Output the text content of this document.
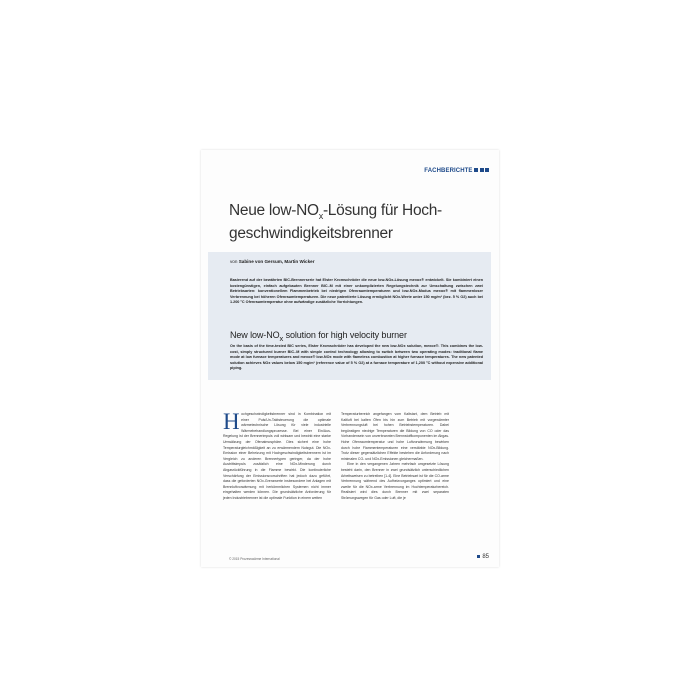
FACHBERICHTE
Neue low-$NO_x$-Lösung für Hoch-geschwindigkeitsbrenner
von Sabine von Gersum, Martin Wicker
Basierend auf der bewährten BIC-Brennerserie hat Elster Kromschröder die neue low-NOx-Lösung mexox® entwickelt. Sie kombiniert einen kostengünstigen, einfach aufgebauten Brenner BIC..M mit einer unkomplizierten Regelungstechnik zur Umschaltung zwischen zwei Betriebsarten: konventionellem Flammenbetrieb bei niedrigen Ofenraumtemperaturen und low-NOx-Modus mexox® mit flammenloser Verbrennung bei höheren Ofenraumtemperaturen. Die neue patentierte Lösung ermöglicht NOx-Werte unter 150 mg/m³ (bez. 5 % O2) auch bei 1.200 °C Ofenraumtemperatur ohne aufwändige zusätzliche Vorrichtungen.
New low-$NO_x$ solution for high velocity burner
On the basis of the time-tested BIC series, Elster Kromschröder has developed the new low-NOx solution, mexox®. This combines the low-cost, simply structured burner BIC..M with simple control technology allowing to switch between two operating modes: traditional flame mode at low furnace temperatures and mexox® low-NOx mode with flameless combustion at higher furnace temperatures. The new patented solution achieves NOx values below 150 mg/m³ (reference value of 5 % O2) at a furnace temperature of 1,200 °C without expensive additional piping.
Hochgeschwindigkeitsbrenner sind in Kombination mit einer Puls/Un-Taktsteuerung die optimale wärmetechnische Lösung für viele industrielle Wärmebehandlungsprozesse. Bei einer Ein/Aus-Regelung ist der Brennerimpuls voll wirksam und bewirkt eine starke Umwälzung der Ofenatmosphäre. Dies sichert eine hohe Temperaturgleichmäßigkeit an zu erwärmendem Nutzgut. Die NOx-Emission einer Beheizung mit Hochgeschwindigkeitsbrennern ist im Vergleich zu anderen Brennertypen geringer, da der hohe Austrittsimpuls zusätzlich eine NOx-Minderung durch Abgasrückführung in die Flamme bewirkt. Die kontinuierliche Verschärfung der Emissionsvorschriften hat jedoch dazu geführt, dass die geforderten NOx-Grenzwerte insbesondere bei Anlagen mit Brennluftvorwärmung mit herkömmlichen Systemen nicht immer eingehalten werden können. Die grundsätzliche Anforderung für jeden Industriebrenner ist die optimale Funktion in einem weiten
Temperaturbereich angefangen vom Kaltstart, dem Betrieb mit Kaltluft bei kalten Öfen bis hin zum Betrieb mit vorgewärmter Verbrennungsluft bei hohen Betriebstemperaturen. Dabei begünstigen niedrige Temperaturen die Bildung von CO oder das Vorhandensein von unverbrannten Brennstoffkomponenten im Abgas. Hohe Ofenraumtemperatur und hohe Luftvorwärmung bewirken durch hohe Flammentemperaturen eine verstärkte NOx-Bildung. Trotz dieser gegensätzlichen Effekte bestehen die Anforderung nach minimalen CO- und NOx-Emissionen gleichermaßen.
Eine in den vergangenen Jahren mehrfach umgesetzte Lösung besteht darin, den Brenner in zwei grundsätzlich unterschiedlichen Arbeitsweisen zu betreiben [1-4]. Eine Betriebsart ist für die CO-arme Verbrennung während des Aufheizvorganges optimiert und eine zweite für die NOx-arme Verbrennung im Hochtemperaturbereich. Realisiert wird dies durch Brenner mit zwei separaten Strömungswegen für Gas oder Luft, die je
© 2015 Prozesswärme International	85
